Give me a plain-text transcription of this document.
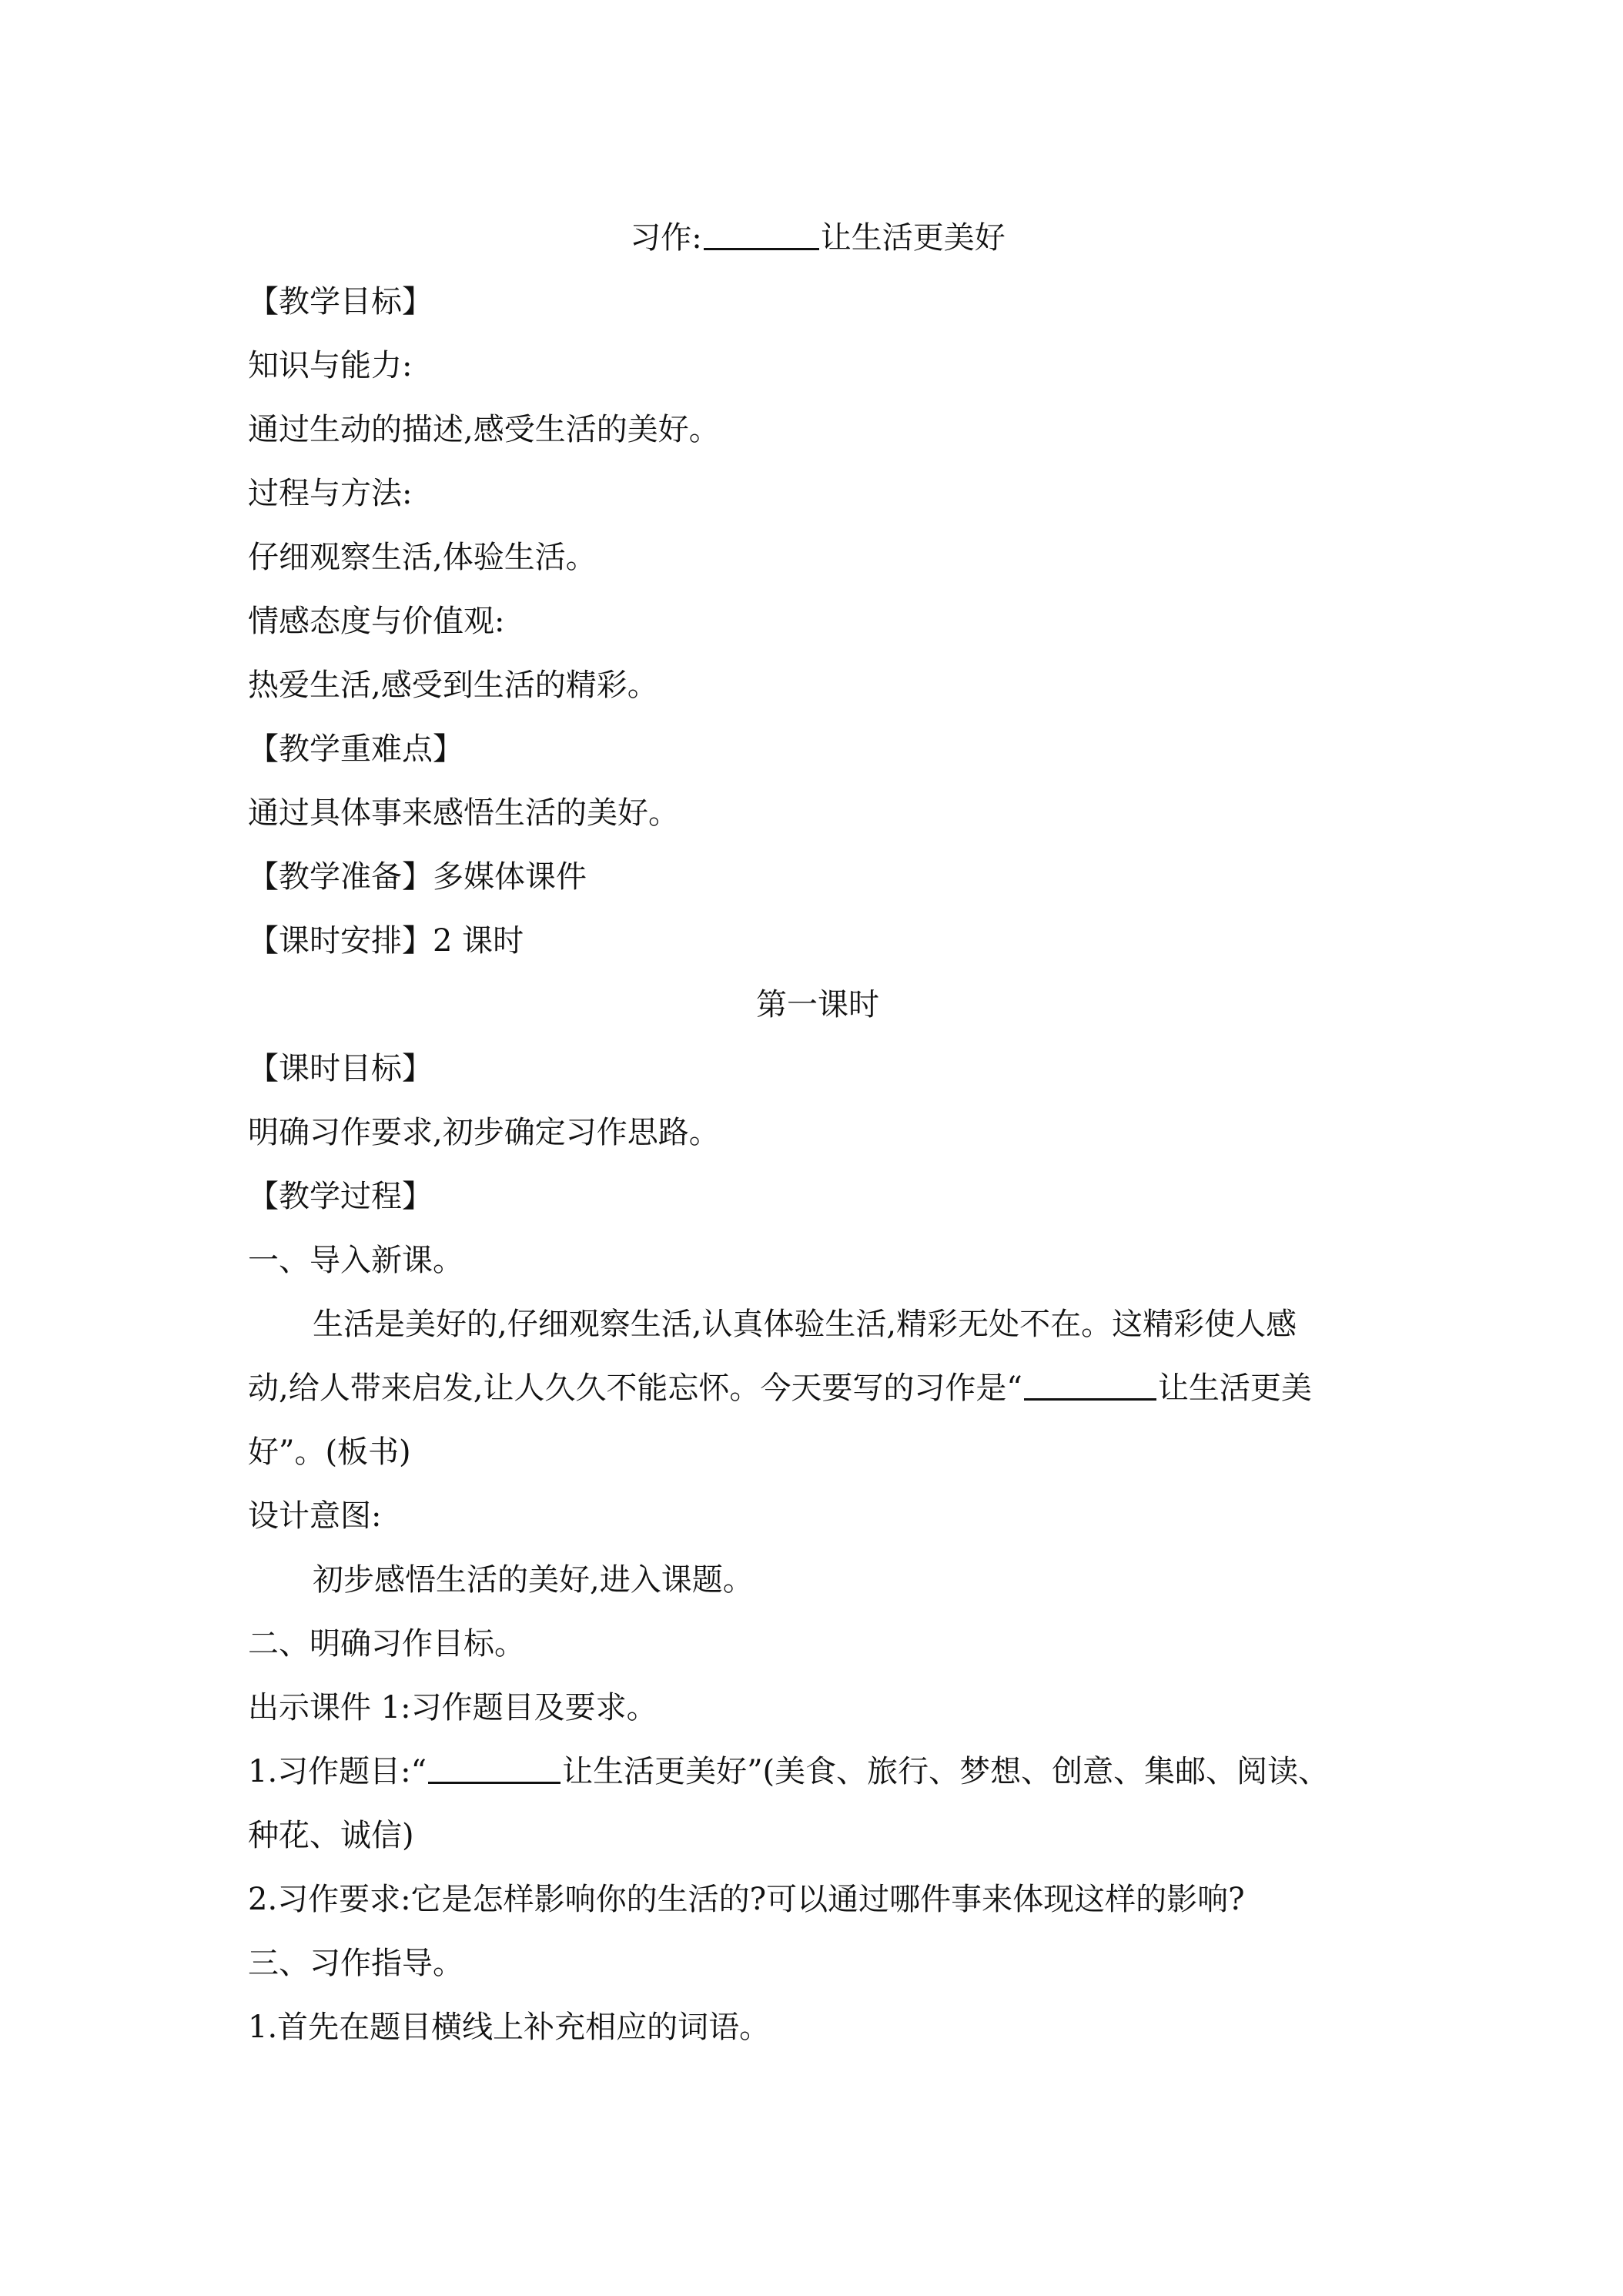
习作:	让生活更美好
【教学目标】
知识与能力:
通过生动的描述,感受生活的美好。
过程与方法:
仔细观察生活,体验生活。
情感态度与价值观:
热爱生活,感受到生活的精彩。
【教学重难点】
通过具体事来感悟生活的美好。
【教学准备】多媒体课件
【课时安排】2 课时
第一课时
【课时目标】
明确习作要求,初步确定习作思路。
【教学过程】
一、导入新课。
生活是美好的,仔细观察生活,认真体验生活,精彩无处不在。这精彩使人感
动,给人带来启发,让人久久不能忘怀。今天要写的习作是“	让生活更美
好”。(板书)
设计意图:
初步感悟生活的美好,进入课题。
二、明确习作目标。
出示课件 1:习作题目及要求。
1.习作题目:“	让生活更美好”(美食、旅行、梦想、创意、集邮、阅读、
种花、诚信)
2.习作要求:它是怎样影响你的生活的?可以通过哪件事来体现这样的影响?
三、习作指导。
1.首先在题目横线上补充相应的词语。
